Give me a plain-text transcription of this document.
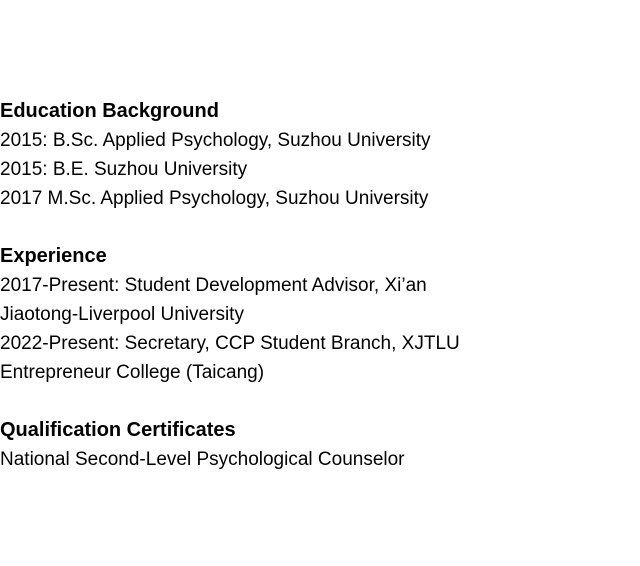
Education Background
2015: B.Sc. Applied Psychology, Suzhou University
2015: B.E. Suzhou University
2017 M.Sc. Applied Psychology, Suzhou University
Experience
2017-Present: Student Development Advisor, Xi’an
Jiaotong-Liverpool University
2022-Present: Secretary, CCP Student Branch, XJTLU
Entrepreneur College (Taicang)
Qualification Certificates
National Second-Level Psychological Counselor
